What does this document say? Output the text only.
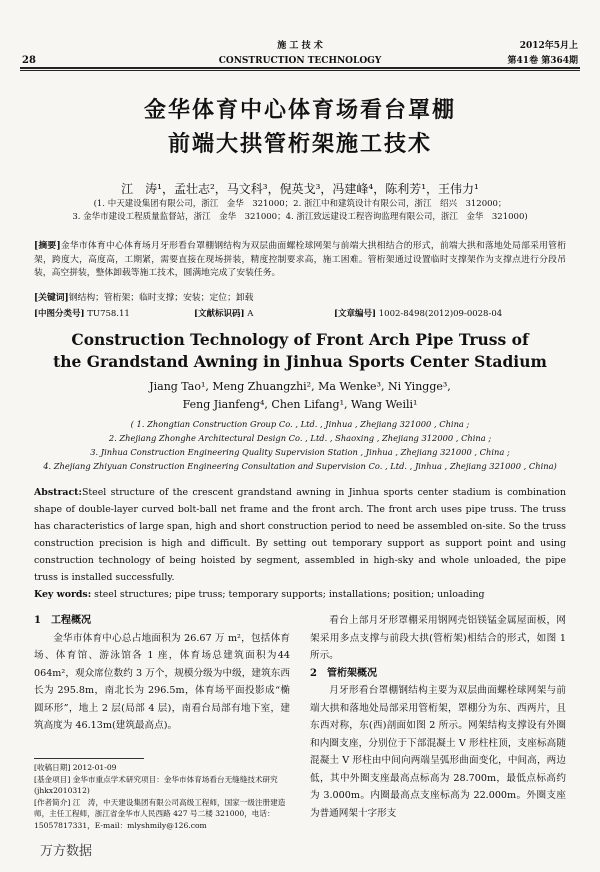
28
施 工 技 术
CONSTRUCTION TECHNOLOGY
2012年5月上
第41卷 第364期
金华体育中心体育场看台罩棚
前端大拱管桁架施工技术
江　涛¹，孟壮志²，马文科³，倪英戈³，冯建峰⁴，陈利芳¹，王伟力¹
(1. 中天建设集团有限公司，浙江　金华　321000；2. 浙江中和建筑设计有限公司，浙江　绍兴　312000；
3. 金华市建设工程质量监督站，浙江　金华　321000；4. 浙江致远建设工程咨询监理有限公司，浙江　金华　321000)
[摘要]金华市体育中心体育场月牙形看台罩棚钢结构为双层曲面螺栓球网架与前端大拱相结合的形式，前端大拱和落地处局部采用管桁架，跨度大，高度高，工期紧，需要直接在现场拼装，精度控制要求高，施工困难。管桁架通过设置临时支撑架作为支撑点进行分段吊装，高空拼装，整体卸载等施工技术，圆满地完成了安装任务。
[关键词]钢结构；管桁架；临时支撑；安装；定位；卸载
[中图分类号] TU758.11	[文献标识码] A	[文章编号] 1002-8498(2012)09-0028-04
Construction Technology of Front Arch Pipe Truss of
the Grandstand Awning in Jinhua Sports Center Stadium
Jiang Tao¹, Meng Zhuangzhi², Ma Wenke³, Ni Yingge³,
Feng Jianfeng⁴, Chen Lifang¹, Wang Weili¹
( 1. Zhongtian Construction Group Co. , Ltd. , Jinhua , Zhejiang 321000 , China ;
2. Zhejiang Zhonghe Architectural Design Co. , Ltd. , Shaoxing , Zhejiang 312000 , China ;
3. Jinhua Construction Engineering Quality Supervision Station , Jinhua , Zhejiang 321000 , China ;
4. Zhejiang Zhiyuan Construction Engineering Consultation and Supervision Co. , Ltd. , Jinhua , Zhejiang 321000 , China)
Abstract:Steel structure of the crescent grandstand awning in Jinhua sports center stadium is combination shape of double-layer curved bolt-ball net frame and the front arch. The front arch uses pipe truss. The truss has characteristics of large span, high and short construction period to need be assembled on-site. So the truss construction precision is high and difficult. By setting out temporary support as support point and using construction technology of being hoisted by segment, assembled in high-sky and whole unloaded, the pipe truss is installed successfully.
Key words: steel structures; pipe truss; temporary supports; installations; position; unloading

1　工程概况

金华市体育中心总占地面积为 26.67 万 m²，包括体育场、体育馆、游泳馆各 1 座，体育场总建筑面积为44 064m²，观众席位数约 3 万个，规模分级为中级，建筑东西长为 295.8m，南北长为 296.5m，体育场平面投影成“椭圆环形”，地上 2 层(局部 4 层)，南看台局部有地下室，建筑高度为 46.13m(建筑最高点)。

看台上部月牙形罩棚采用钢网壳铝镁锰金属屋面板，网架采用多点支撑与前段大拱(管桁架)相结合的形式，如图 1 所示。

2　管桁架概况

月牙形看台罩棚钢结构主要为双层曲面螺栓球网架与前端大拱和落地处局部采用管桁架，罩棚分为东、西两片，且东西对称，东(西)剖面如图 2 所示。网架结构支撑设有外圈和内圈支座，分别位于下部混凝土 V 形柱柱顶，支座标高随混凝土 V 形柱由中间向两端呈弧形曲面变化，中间高，两边低，其中外圈支座最高点标高为 28.700m，最低点标高约为 3.000m。内圈最高点支座标高为 22.000m。外圈支座为普通网架十字形支

[收稿日期] 2012-01-09
[基金项目] 金华市重点学术研究项目：金华市体育场看台无缝缝技术研究(jhkx2010312)
[作者简介] 江　涛，中天建设集团有限公司高级工程师，国家一级注册建造师，主任工程师，浙江省金华市人民西路 427 号二楼 321000，电话：15057817331，E-mail：mlyshmily@126.com
万方数据
